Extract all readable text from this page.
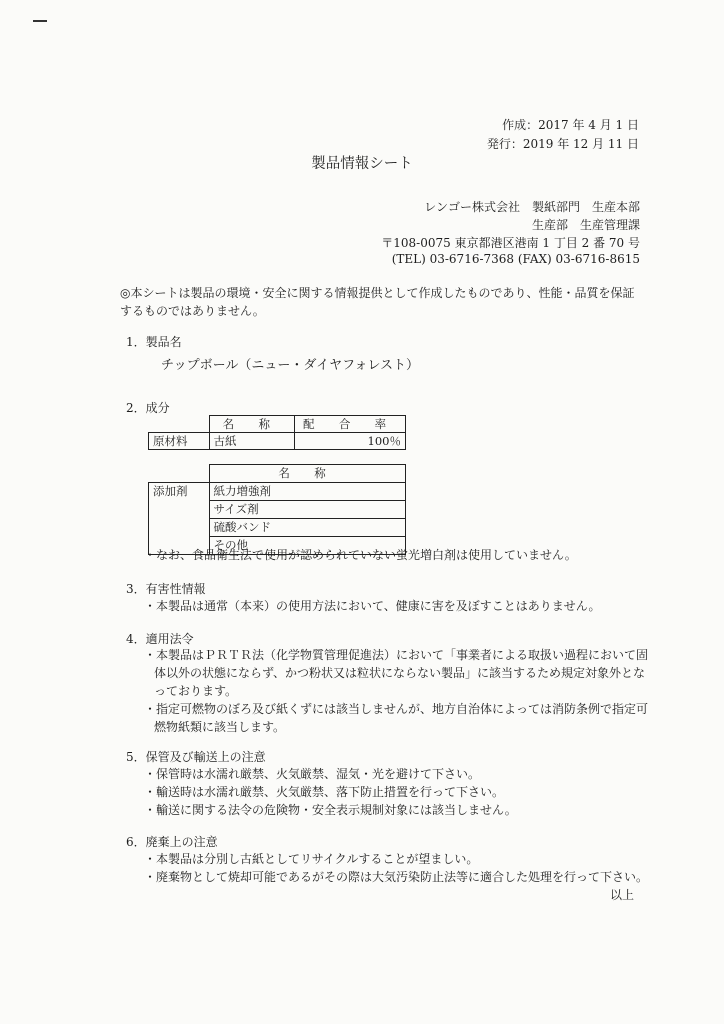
作成：2017 年 4 月 1 日
発行：2019 年 12 月 11 日
製品情報シート
レンゴー株式会社　製紙部門　生産本部
生産部　生産管理課
〒108-0075 東京都港区港南 1 丁目 2 番 70 号
(TEL) 03-6716-7368 (FAX) 03-6716-8615
◎本シートは製品の環境・安全に関する情報提供として作成したものであり、性能・品質を保証するものではありません。
1．製品名
チップボール（ニュー・ダイヤフォレスト）
2．成分
	名 称	配 合 率
原材料	古紙	100％
	名 称
添加剤	紙力増強剤
	サイズ剤
	硫酸バンド
	その他
・なお、食品衛生法で使用が認められていない蛍光増白剤は使用していません。
3．有害性情報
・本製品は通常（本来）の使用方法において、健康に害を及ぼすことはありません。
4．適用法令
・本製品はＰＲＴＲ法（化学物質管理促進法）において「事業者による取扱い過程において固体以外の状態にならず、かつ粉状又は粒状にならない製品」に該当するため規定対象外となっております。
・指定可燃物のぼろ及び紙くずには該当しませんが、地方自治体によっては消防条例で指定可燃物紙類に該当します。
5．保管及び輸送上の注意
・保管時は水濡れ厳禁、火気厳禁、湿気・光を避けて下さい。
・輸送時は水濡れ厳禁、火気厳禁、落下防止措置を行って下さい。
・輸送に関する法令の危険物・安全表示規制対象には該当しません。
6．廃棄上の注意
・本製品は分別し古紙としてリサイクルすることが望ましい。
・廃棄物として焼却可能であるがその際は大気汚染防止法等に適合した処理を行って下さい。
以上
